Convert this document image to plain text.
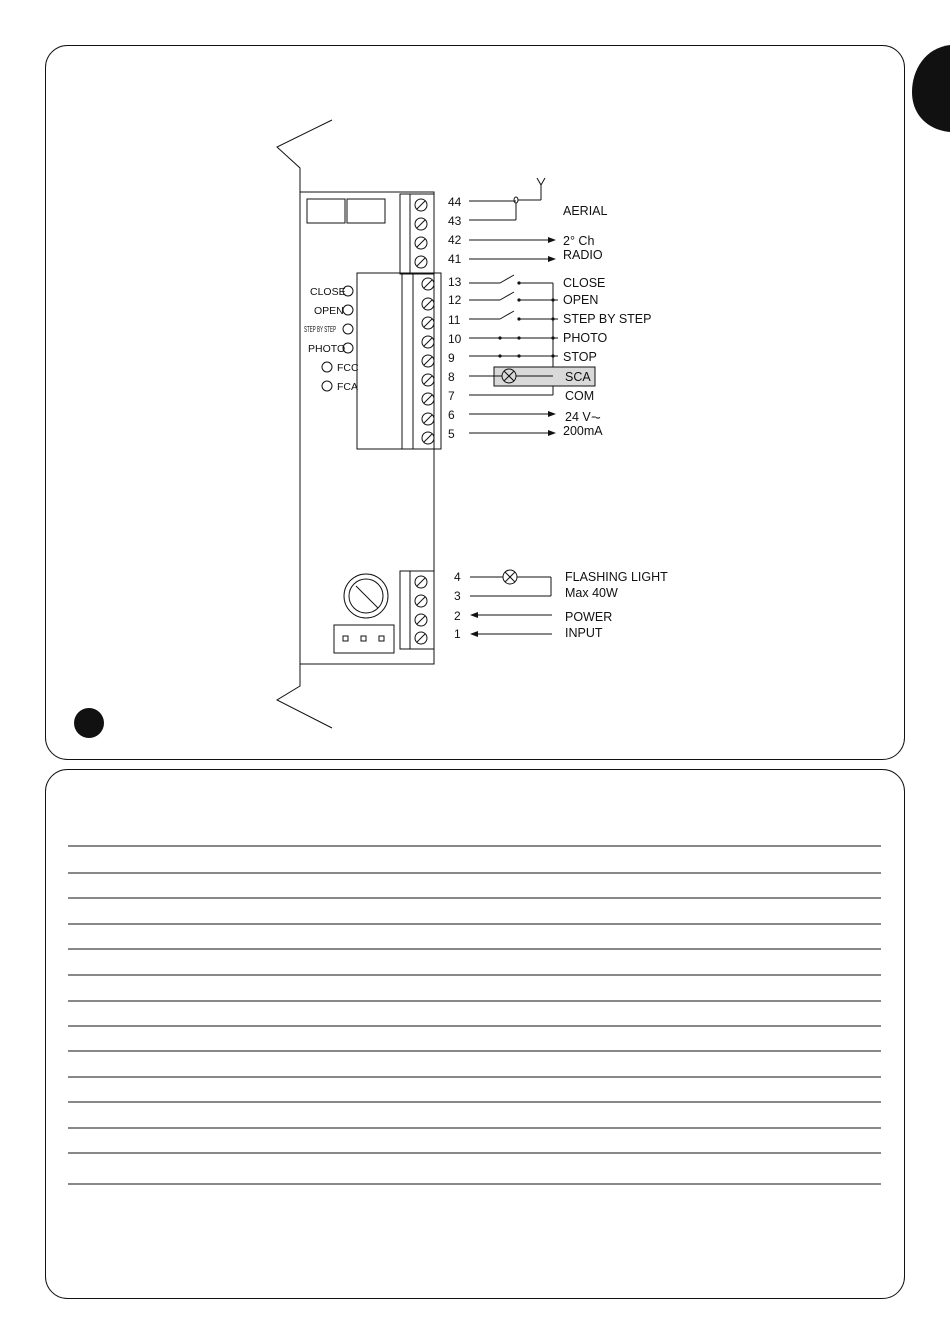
CLOSE
OPEN
STEP BY STEP
PHOTO
FCC
FCA
44
43
42
41
13
12
11
10
9
8
7
6
5
4
3
2
1
AERIAL
2° Ch
RADIO
CLOSE
OPEN
STEP BY STEP
PHOTO
STOP
SCA
COM
24 V⏦
200mA
FLASHING LIGHT
Max 40W
POWER
INPUT
